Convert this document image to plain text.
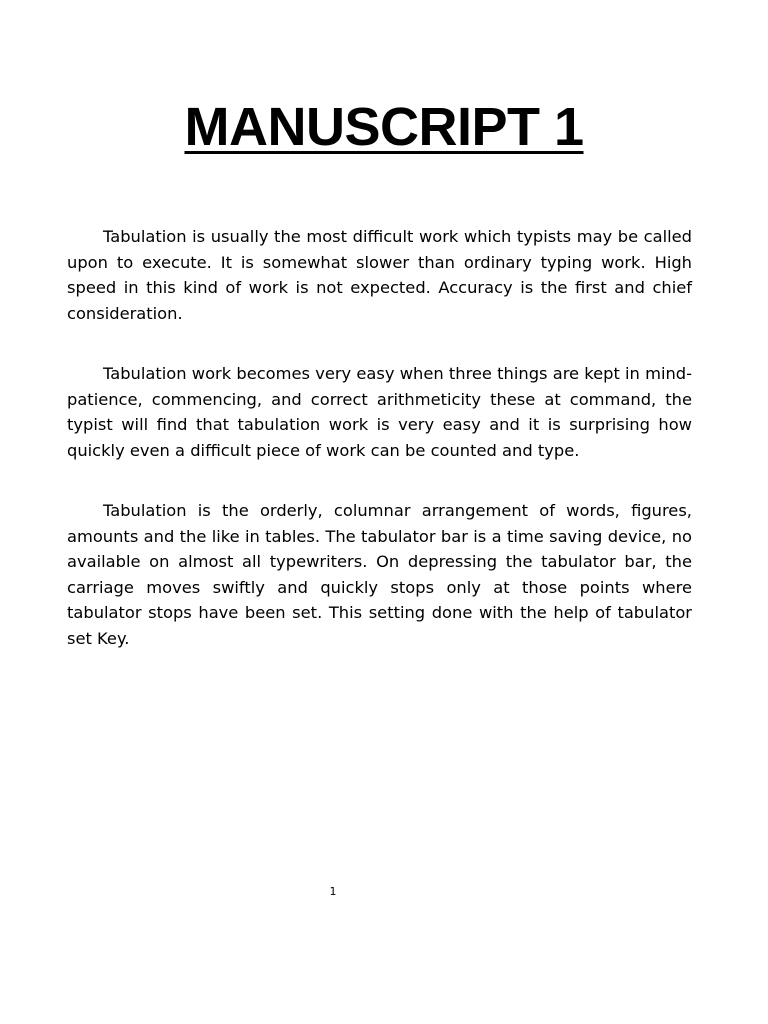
MANUSCRIPT 1

Tabulation is usually the most difficult work which typists may be called upon to execute. It is somewhat slower than ordinary typing work. High speed in this kind of work is not expected. Accuracy is the first and chief consideration.

Tabulation work becomes very easy when three things are kept in mind- patience, commencing, and correct arithmeticity these at command, the typist will find that tabulation work is very easy and it is surprising how quickly even a difficult piece of work can be counted and type.

Tabulation is the orderly, columnar arrangement of words, figures, amounts and the like in tables. The tabulator bar is a time saving device, no available on almost all typewriters. On depressing the tabulator bar, the carriage moves swiftly and quickly stops only at those points where tabulator stops have been set. This setting done with the help of tabulator set Key.

1
